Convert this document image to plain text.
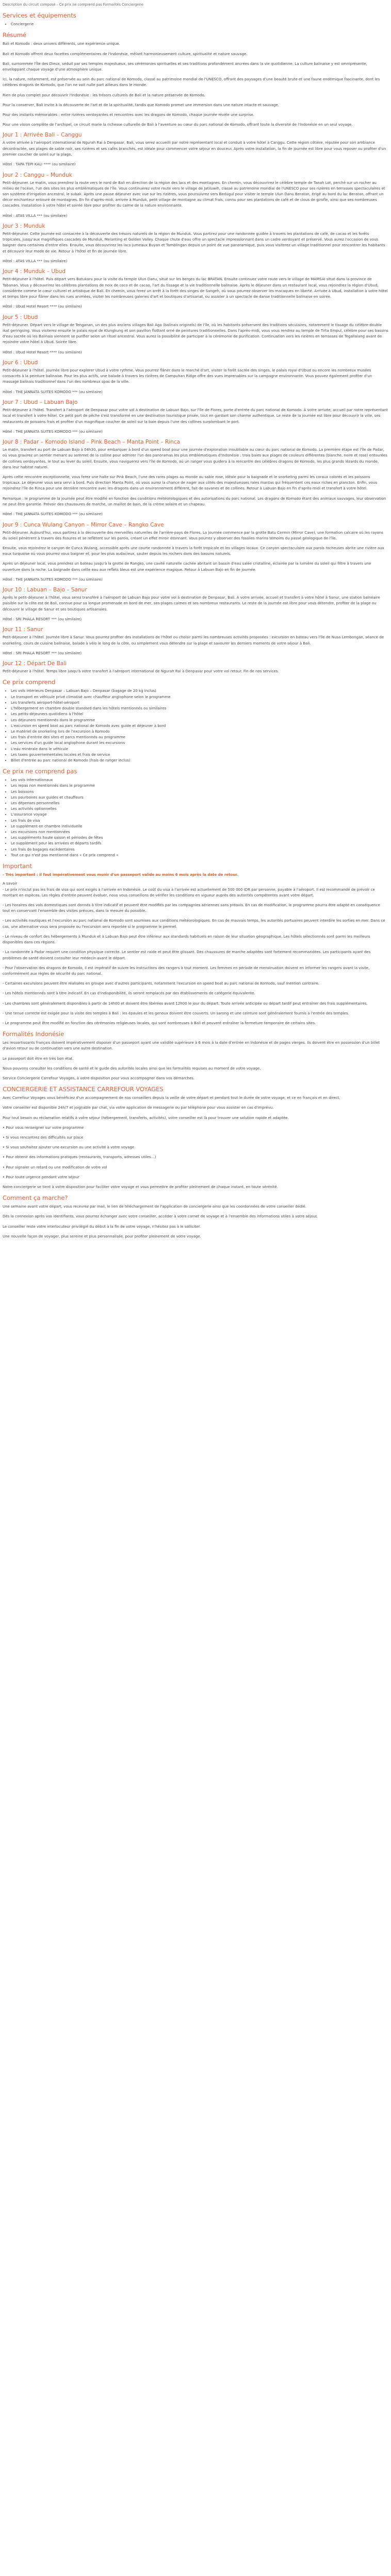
Description du circuit composé – Ce prix ne comprend pas Formalités Conciergerie

Services et équipements
• Conciergerie
Résumé

Bali et Komodo : deux univers différents, une expérience unique.

Bali et Komodo offrent deux facettes complémentaires de l'Indonésie, mêlant harmonieusement culture, spiritualité et nature sauvage.

Bali, surnommée l'Île des Dieux, séduit par ses temples majestueux, ses cérémonies spirituelles et ses traditions profondément ancrées dans la vie quotidienne. La culture balinaise y est omniprésente, enveloppant chaque voyage d'une atmosphère unique.

Ici, la nature, notamment, est préservée au sein du parc national de Komodo, classé au patrimoine mondial de l'UNESCO, offrant des paysages d'une beauté brute et une faune endémique fascinante, dont les célèbres dragons de Komodo, que l'on ne voit nulle part ailleurs dans le monde.

Rien de plus complet pour découvrir l'Indonésie : les trésors culturels de Bali et la nature préservée de Komodo.

Pour la conserver, Bali invite à la découverte de l'art et de la spiritualité, tandis que Komodo promet une immersion dans une nature intacte et sauvage.

Pour des instants mémorables : entre rizières verdoyantes et rencontres avec les dragons de Komodo, chaque journée révèle une surprise.

Pour une vision complète de l'archipel, ce circuit marie la richesse culturelle de Bali à l'aventure au cœur du parc national de Komodo, offrant toute la diversité de l'Indonésie en un seul voyage.

Jour 1 : Arrivée Bali – Canggu

À votre arrivée à l'aéroport international de Ngurah Rai à Denpasar, Bali, vous serez accueilli par notre représentant local et conduit à votre hôtel à Canggu. Cette région côtière, réputée pour son ambiance décontractée, ses plages de sable noir, ses rizières et ses cafés branchés, est idéale pour commencer votre séjour en douceur. Après votre installation, la fin de journée est libre pour vous reposer ou profiter d'un premier coucher de soleil sur la plage.

Hôtel : TAPA TEPI KALI **** (ou similaire)

Jour 2 : Canggu – Munduk

Petit-déjeuner. Le matin, vous prendrez la route vers le nord de Bali en direction de la région des lacs et des montagnes. En chemin, vous découvrirez le célèbre temple de Tanah Lot, perché sur un rocher au milieu de l'océan, l'un des sites les plus emblématiques de l'île. Vous continuerez votre route vers le village de Jatiluwih, classé au patrimoine mondial de l'UNESCO pour ses rizières en terrasses spectaculaires et son système d'irrigation ancestral, le subak. Après une pause déjeuner avec vue sur les rizières, vous poursuivrez vers Bedugul pour visiter le temple Ulun Danu Beratan, érigé au bord du lac Beratan, offrant un décor enchanteur entouré de montagnes. En fin d'après-midi, arrivée à Munduk, petit village de montagne au climat frais, connu pour ses plantations de café et de clous de girofle, ainsi que ses nombreuses cascades. Installation à votre hôtel et soirée libre pour profiter du calme de la nature environnante.

Hôtel : ATAS VILLA *** (ou similaire)

Jour 3 : Munduk

Petit-déjeuner. Cette journée est consacrée à la découverte des trésors naturels de la région de Munduk. Vous partirez pour une randonnée guidée à travers les plantations de café, de cacao et les forêts tropicales, jusqu'aux magnifiques cascades de Munduk, Melanting et Golden Valley. Chaque chute d'eau offre un spectacle impressionnant dans un cadre verdoyant et préservé. Vous aurez l'occasion de vous baigner dans certaines d'entre elles. Ensuite, vous découvrirez les lacs jumeaux Buyan et Tamblingan depuis un point de vue panoramique, puis vous visiterez un village traditionnel pour rencontrer les habitants et découvrir leur mode de vie. Retour à l'hôtel et fin de journée libre.

Hôtel : ATAS VILLA *** (ou similaire)

Jour 4 : Munduk – Ubud

Petit-déjeuner à l'hôtel. Puis départ vers Batukaru pour la visite du temple Ulun Danu, situé sur les berges du lac BRATAN. Ensuite continuez votre route vers le village de MAMSAI situé dans la province de Tabanan. Vous y découvrirez les célèbres plantations de noix de coco et de cacao, l'art du tissage et la vie traditionnelle balinaise. Après le déjeuner dans un restaurant local, vous rejoindrez la région d'Ubud, considérée comme le cœur culturel et artistique de Bali. En chemin, vous ferez un arrêt à la forêt des singes de Sangeh, où vous pourrez observer les macaques en liberté. Arrivée à Ubud, installation à votre hôtel et temps libre pour flâner dans les rues animées, visiter les nombreuses galeries d'art et boutiques d'artisanat, ou assister à un spectacle de danse traditionnelle balinaise en soirée.

Hôtel : Ubud Hotel Resort **** (ou similaire)

Jour 5 : Ubud

Petit-déjeuner. Départ vers le village de Tenganan, un des plus anciens villages Bali Aga (balinais originels) de l'île, où les habitants préservent des traditions séculaires, notamment le tissage du célèbre double ikat geringsing. Vous visiterez ensuite le palais royal de Klungkung et son pavillon flottant orné de peintures traditionnelles. Dans l'après-midi, vous vous rendrez au temple de Tirta Empul, célèbre pour ses bassins d'eau sacrée où les Balinais viennent se purifier selon un rituel ancestral. Vous aurez la possibilité de participer à la cérémonie de purification. Continuation vers les rizières en terrasses de Tegallalang avant de rejoindre votre hôtel à Ubud. Soirée libre.

Hôtel : Ubud Hotel Resort **** (ou similaire)

Jour 6 : Ubud

Petit-déjeuner à l'hôtel. Journée libre pour explorer Ubud à votre rythme. Vous pourrez flâner dans le marché d'art, visiter la forêt sacrée des singes, le palais royal d'Ubud ou encore les nombreux musées consacrés à la peinture balinaise. Pour les plus actifs, une balade à travers les rizières de Campuhan Ridge offre des vues imprenables sur la campagne environnante. Vous pouvez également profiter d'un massage balinais traditionnel dans l'un des nombreux spas de la ville.

Hôtel : THE JANNATA SUITES KOMODO *** (ou similaire)

Jour 7 : Ubud – Labuan Bajo

Petit-déjeuner à l'hôtel. Transfert à l'aéroport de Denpasar pour votre vol à destination de Labuan Bajo, sur l'île de Flores, porte d'entrée du parc national de Komodo. À votre arrivée, accueil par notre représentant local et transfert à votre hôtel. Ce petit port de pêche s'est transformé en une destination touristique prisée, tout en gardant son charme authentique. Le reste de la journée est libre pour découvrir la ville, ses restaurants de poissons frais et profiter d'un magnifique coucher de soleil sur la baie depuis l'une des collines surplombant le port.

Hôtel : THE JANNATA SUITES KOMODO *** (ou similaire)

Jour 8 : Padar – Komodo Island – Pink Beach – Manta Point – Rinca

Le matin, transfert au port de Labuan Bajo à 04h30, pour embarquer à bord d'un speed boat pour une journée d'exploration inoubliable au cœur du parc national de Komodo. La première étape est l'île de Padar, où vous gravirez un sentier menant au sommet de la colline pour admirer l'un des panoramas les plus emblématiques d'Indonésie : trois baies aux plages de couleurs différentes (blanche, noire et rose) entourées de collines verdoyantes, le tout au lever du soleil. Ensuite, vous naviguerez vers l'île de Komodo, où un ranger vous guidera à la rencontre des célèbres dragons de Komodo, les plus grands lézards du monde, dans leur habitat naturel.

Après cette rencontre exceptionnelle, vous ferez une halte sur Pink Beach, l'une des rares plages au monde au sable rose, idéale pour la baignade et le snorkeling parmi les coraux colorés et les poissons tropicaux. Le déjeuner vous sera servi à bord. Puis direction Manta Point, où vous aurez la chance de nager aux côtés des majestueuses raies mantas qui fréquentent ces eaux riches en plancton. Enfin, vous rejoindrez l'île de Rinca pour une dernière rencontre avec les dragons dans un environnement différent, fait de savanes et de collines. Retour à Labuan Bajo en fin d'après-midi et transfert à votre hôtel.

Remarque : le programme de la journée peut être modifié en fonction des conditions météorologiques et des autorisations du parc national. Les dragons de Komodo étant des animaux sauvages, leur observation ne peut être garantie. Prévoir des chaussures de marche, un maillot de bain, de la crème solaire et un chapeau.

Hôtel : THE JANNATA SUITES KOMODO *** (ou similaire)

Jour 9 : Cunca Wulang Canyon – Mirror Cave – Rangko Cave

Petit-déjeuner. Aujourd'hui, vous partirez à la découverte des merveilles naturelles de l'arrière-pays de Flores. La journée commence par la grotte Batu Cermin (Mirror Cave), une formation calcaire où les rayons du soleil pénètrent à travers des fissures et se reflètent sur les parois, créant un effet miroir étonnant. Vous pourrez y observer des fossiles marins témoins du passé géologique de l'île.

Ensuite, vous rejoindrez le canyon de Cunca Wulang, accessible après une courte randonnée à travers la forêt tropicale et les villages locaux. Ce canyon spectaculaire aux parois rocheuses abrite une rivière aux eaux turquoise où vous pourrez vous baigner et, pour les plus audacieux, sauter depuis les rochers dans des bassins naturels.

Après un déjeuner local, vous prendrez un bateau jusqu'à la grotte de Rangko, une cavité naturelle cachée abritant un bassin d'eau salée cristalline, éclairée par la lumière du soleil qui filtre à travers une ouverture dans la roche. La baignade dans cette eau aux reflets bleus est une expérience magique. Retour à Labuan Bajo en fin de journée.

Hôtel : THE JANNATA SUITES KOMODO *** (ou similaire)

Jour 10 : Labuan – Bajo – Sanur

Après le petit-déjeuner à l'hôtel, vous serez transféré à l'aéroport de Labuan Bajo pour votre vol à destination de Denpasar, Bali. À votre arrivée, accueil et transfert à votre hôtel à Sanur, une station balnéaire paisible sur la côte est de Bali, connue pour sa longue promenade en bord de mer, ses plages calmes et ses nombreux restaurants. Le reste de la journée est libre pour vous détendre, profiter de la plage ou découvrir le village de Sanur et ses boutiques artisanales.

Hôtel : SRI PHALA RESORT *** (ou similaire)

Jour 11 : Sanur

Petit-déjeuner à l'hôtel. Journée libre à Sanur. Vous pourrez profiter des installations de l'hôtel ou choisir parmi les nombreuses activités proposées : excursion en bateau vers l'île de Nusa Lembongan, séance de snorkeling, cours de cuisine balinaise, balade à vélo le long de la côte, ou simplement vous détendre sur la plage et savourer les derniers moments de votre séjour à Bali.

Hôtel : SRI PHALA RESORT *** (ou similaire)

Jour 12 : Départ De Bali

Petit-déjeuner à l'hôtel. Temps libre jusqu'à votre transfert à l'aéroport international de Ngurah Rai à Denpasar pour votre vol retour. Fin de nos services.

Ce prix comprend
• Les vols intérieurs Denpasar – Labuan Bajo – Denpasar (bagage de 20 kg inclus)
• Le transport en véhicule privé climatisé avec chauffeur anglophone selon le programme
• Les transferts aéroport-hôtel-aéroport
• L'hébergement en chambre double standard dans les hôtels mentionnés ou similaires
• Les petits-déjeuners quotidiens à l'hôtel
• Les déjeuners mentionnés dans le programme
• L'excursion en speed boat au parc national de Komodo avec guide et déjeuner à bord
• Le matériel de snorkeling lors de l'excursion à Komodo
• Les frais d'entrée des sites et parcs mentionnés au programme
• Les services d'un guide local anglophone durant les excursions
• L'eau minérale dans le véhicule
• Les taxes gouvernementales locales et frais de service
• Billet d'entrée au parc national de Komodo (frais de ranger inclus)
Ce prix ne comprend pas
• Les vols internationaux
• Les repas non mentionnés dans le programme
• Les boissons
• Les pourboires aux guides et chauffeurs
• Les dépenses personnelles
• Les activités optionnelles
• L'assurance voyage
• Les frais de visa
• Le supplément en chambre individuelle
• Les excursions non mentionnées
• Les suppléments haute saison et périodes de fêtes
• Le supplément pour les arrivées et départs tardifs
• Les frais de bagages excédentaires
• Tout ce qui n'est pas mentionné dans « Ce prix comprend »
Important

- Très important : il faut impérativement vous munir d'un passeport valide au moins 6 mois après la date de retour.

A savoir

- Le prix n'inclut pas les frais de visa qui sont exigés à l'arrivée en Indonésie. Le coût du visa à l'arrivée est actuellement de 500 000 IDR par personne, payable à l'aéroport. Il est recommandé de prévoir ce montant en espèces. Les règles d'entrée peuvent évoluer, nous vous conseillons de vérifier les conditions en vigueur auprès des autorités compétentes avant votre départ.

- Les horaires des vols domestiques sont donnés à titre indicatif et peuvent être modifiés par les compagnies aériennes sans préavis. En cas de modification, le programme pourra être adapté en conséquence tout en conservant l'ensemble des visites prévues, dans la mesure du possible.

- Les activités nautiques et l'excursion au parc national de Komodo sont soumises aux conditions météorologiques. En cas de mauvais temps, les autorités portuaires peuvent interdire les sorties en mer. Dans ce cas, une alternative vous sera proposée ou l'excursion sera reportée si le programme le permet.

- Le niveau de confort des hébergements à Munduk et à Labuan Bajo peut être inférieur aux standards habituels en raison de leur situation géographique. Les hôtels sélectionnés sont parmi les meilleurs disponibles dans ces régions.

- La randonnée à Padar requiert une condition physique correcte. Le sentier est raide et peut être glissant. Des chaussures de marche adaptées sont fortement recommandées. Les participants ayant des problèmes de santé doivent consulter leur médecin avant le départ.

- Pour l'observation des dragons de Komodo, il est impératif de suivre les instructions des rangers à tout moment. Les femmes en période de menstruation doivent en informer les rangers avant la visite, conformément aux règles de sécurité du parc national.

- Certaines excursions peuvent être réalisées en groupe avec d'autres participants, notamment l'excursion en speed boat au parc national de Komodo, sauf mention contraire.

- Les hôtels mentionnés sont à titre indicatif. En cas d'indisponibilité, ils seront remplacés par des établissements de catégorie équivalente.

- Les chambres sont généralement disponibles à partir de 14h00 et doivent être libérées avant 12h00 le jour du départ. Toute arrivée anticipée ou départ tardif peut entraîner des frais supplémentaires.

- Une tenue correcte est exigée pour la visite des temples à Bali : les épaules et les genoux doivent être couverts. Un sarong et une ceinture sont généralement fournis à l'entrée des temples.

- Le programme peut être modifié en fonction des cérémonies religieuses locales, qui sont nombreuses à Bali et peuvent entraîner la fermeture temporaire de certains sites.

Formalités Indonésie

Les ressortissants français doivent impérativement disposer d'un passeport ayant une validité supérieure à 6 mois à la date d'entrée en Indonésie et de pages vierges. Ils doivent être en possession d'un billet d'avion retour ou de continuation vers une autre destination.

Le passeport doit être en très bon état.

Nous pouvons consulter les conditions de santé et le guide des autorités locales ainsi que les formalités requises au moment de votre voyage.

Service Conciergerie Carrefour Voyages, à votre disposition pour vous accompagner dans vos démarches.

CONCIERGERIE ET ASSISTANCE CARREFOUR VOYAGES

Avec Carrefour Voyages vous bénéficiez d'un accompagnement de nos conseillers depuis la veille de votre départ et pendant tout le durée de votre voyage, et ce en français et en direct.

Votre conseiller est disponible 24h/7 et joignable par chat, via votre application de messagerie ou par téléphone pour vous assister en cas d'imprévu.

Pour tout besoin ou réclamation relatifs à votre séjour (hébergement, transferts, activités), votre conseiller est là pour trouver une solution rapide et adaptée.

• Pour vous renseigner sur votre programme

• Si vous rencontrez des difficultés sur place

• Si vous souhaitez ajouter une excursion ou une activité à votre voyage

• Pour obtenir des informations pratiques (restaurants, transports, adresses utiles…)

• Pour signaler un retard ou une modification de votre vol

• Pour toute urgence pendant votre séjour

Notre conciergerie se tient à votre disposition pour faciliter votre voyage et vous permettre de profiter pleinement de chaque instant, en toute sérénité.

Comment ça marche?

Une semaine avant votre départ, vous recevrez par mail, le lien de téléchargement de l'application de conciergerie ainsi que les coordonnées de votre conseiller dédié.

Dès la connexion après vos identifiants, vous pourrez échanger avec votre conseiller, accéder à votre carnet de voyage et à l'ensemble des informations utiles à votre séjour.

Le conseiller reste votre interlocuteur privilégié du début à la fin de votre voyage, n'hésitez pas à le solliciter.

Une nouvelle façon de voyager, plus sereine et plus personnalisée, pour profiter pleinement de votre voyage.
